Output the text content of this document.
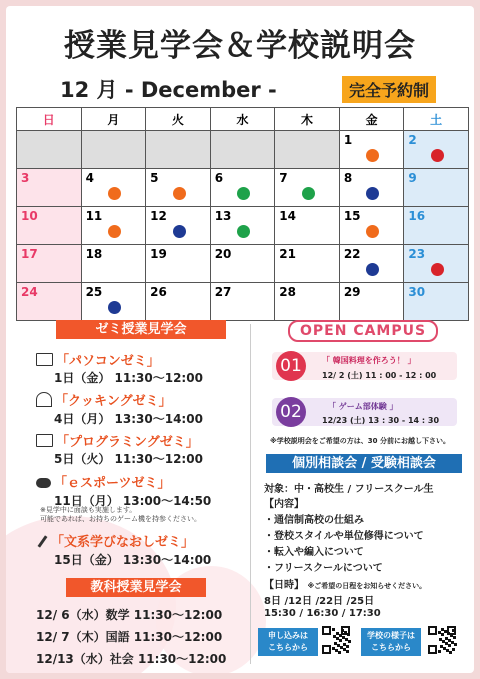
授業見学会＆学校説明会
12 月 - December -	完全予約制
日	月	火	水	木	金	土
					1	2

3	4	5	6	7	8	9
10	11	12	13	14	15	16
17	18	19	20	21	22	23

24	25	26	27	28	29	30
ゼミ授業見学会
「パソコンゼミ」
1日（金） 11:30〜12:00
「クッキングゼミ」
4日（月） 13:30〜14:00
「プログラミングゼミ」
5日（火） 11:30〜12:00
「ｅスポーツゼミ」
11日（月） 13:00〜14:50
※見学中に面談も実施します。
可能であれば、お持ちのゲーム機を持参ください。
「文系学びなおしゼミ」
15日（金） 13:30〜14:00
教科授業見学会
12/ 6（水）数学 11:30〜12:00
12/ 7（木）国語 11:30〜12:00
12/13（水）社会 11:30〜12:00
OPEN CAMPUS
01	「 韓国料理を作ろう！ 」
12/ 2 (土) 11 : 00 - 12 : 00
02	「 ゲーム部体験 」
12/23 (土) 13 : 30 - 14 : 30
※学校説明会をご希望の方は、30 分前にお越し下さい。
個別相談会 / 受験相談会
対象：中・高校生 / フリースクール生
【内容】
・通信制高校の仕組み
・登校スタイルや単位修得について
・転入や編入について
・フリースクールについて
【日時】 ※ご希望の日程をお知らせください。
8日 /12日 /22日 /25日
15:30 / 16:30 / 17:30
申し込みは
こちらから
学校の様子は
こちらから
